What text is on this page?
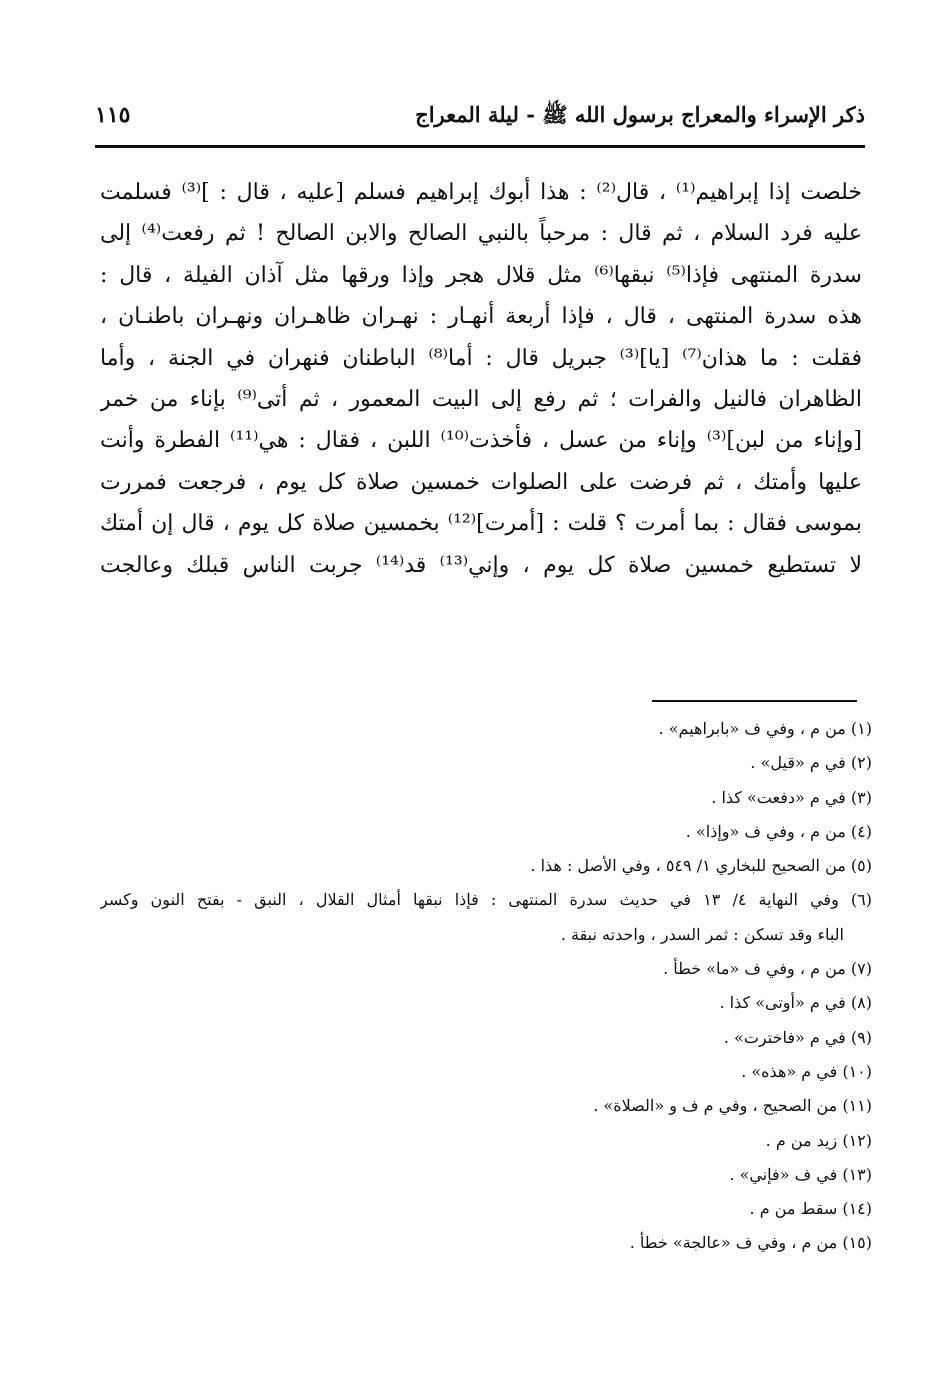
ذكر الإسراء والمعراج برسول الله ﷺ - ليلة المعراج
١١٥
خلصت إذا إبراهيم⁽¹⁾ ، قال⁽²⁾ : هذا أبوك إبراهيم فسلم [عليه ، قال : ]⁽³⁾ فسلمت
عليه فرد السلام ، ثم قال : مرحباً بالنبي الصالح والابن الصالح ! ثم رفعت⁽⁴⁾ إلى
سدرة المنتهى فإذا⁽⁵⁾ نبقها⁽⁶⁾ مثل قلال هجر وإذا ورقها مثل آذان الفيلة ، قال :
هذه سدرة المنتهى ، قال ، فإذا أربعة أنهـار : نهـران ظاهـران ونهـران باطنـان ،
فقلت : ما هذان⁽⁷⁾ [يا]⁽³⁾ جبريل قال : أما⁽⁸⁾ الباطنان فنهران في الجنة ، وأما
الظاهران فالنيل والفرات ؛ ثم رفع إلى البيت المعمور ، ثم أتى⁽⁹⁾ بإناء من خمر
[وإناء من لبن]⁽³⁾ وإناء من عسل ، فأخذت⁽¹⁰⁾ اللبن ، فقال : هي⁽¹¹⁾ الفطرة وأنت
عليها وأمتك ، ثم فرضت على الصلوات خمسين صلاة كل يوم ، فرجعت فمررت
بموسى فقال : بما أمرت ؟ قلت : [أمرت]⁽¹²⁾ بخمسين صلاة كل يوم ، قال إن أمتك
لا تستطيع خمسين صلاة كل يوم ، وإني⁽¹³⁾ قد⁽¹⁴⁾ جربت الناس قبلك وعالجت
(١) من م ، وفي ف «بابراهيم» .
(٢) في م «قيل» .
(٣) في م «دفعت» كذا .
(٤) من م ، وفي ف «وإذا» .
(٥) من الصحيح للبخاري ١/ ٥٤٩ ، وفي الأصل : هذا .
(٦) وفي النهاية ٤/ ١٣ في حديث سدرة المنتهى : فإذا نبقها أمثال القلال ، النبق - بفتح النون وكسر
الباء وقد تسكن : ثمر السدر ، واحدته نبقة .
(٧) من م ، وفي ف «ما» خطأ .
(٨) في م «أوتى» كذا .
(٩) في م «فاخترت» .
(١٠) في م «هذه» .
(١١) من الصحيح ، وفي م ف و «الصلاة» .
(١٢) زيد من م .
(١٣) في ف «فإني» .
(١٤) سقط من م .
(١٥) من م ، وفي ف «عالجة» خطأ .
